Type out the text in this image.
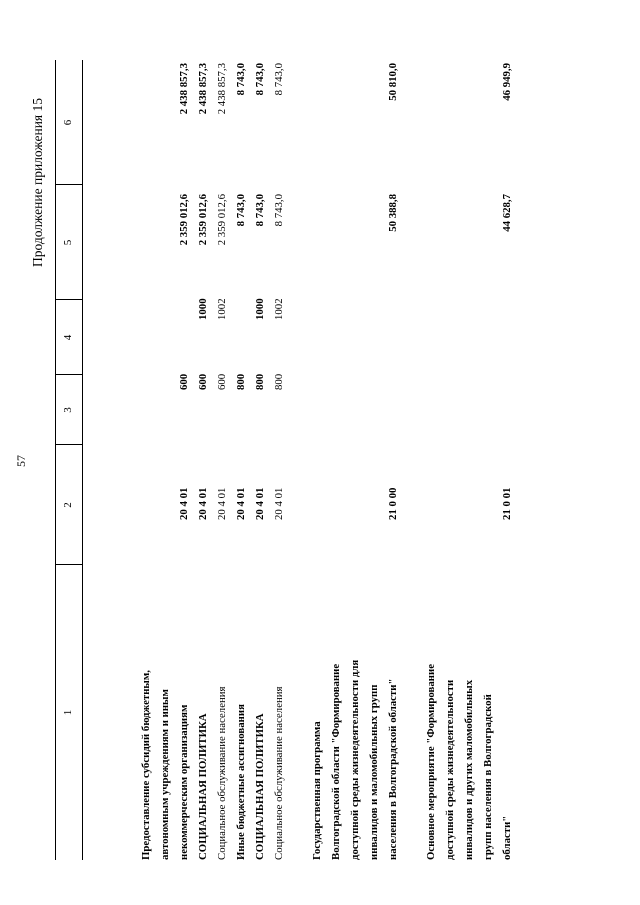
57
Продолжение приложения 15
1
2
3
4
5
6
Предоставление субсидий бюджетным, автономным учреждениям и иным некоммерческим организациям
20 4 01
600
2 359 012,6
2 438 857,3
СОЦИАЛЬНАЯ ПОЛИТИКА
20 4 01
600
1000
2 359 012,6
2 438 857,3
Социальное обслуживание населения
20 4 01
600
1002
2 359 012,6
2 438 857,3
Иные бюджетные ассигнования
20 4 01
800
8 743,0
8 743,0
СОЦИАЛЬНАЯ ПОЛИТИКА
20 4 01
800
1000
8 743,0
8 743,0
Социальное обслуживание населения
20 4 01
800
1002
8 743,0
8 743,0
Государственная программа Волгоградской области "Формирование доступной среды жизнедеятельности для инвалидов и маломобильных групп населения в Волгоградской области"
21 0 00
50 388,8
50 810,0
Основное мероприятие "Формирование доступной среды жизнедеятельности инвалидов и других маломобильных групп населения в Волгоградской области"
21 0 01
44 628,7
46 949,9
